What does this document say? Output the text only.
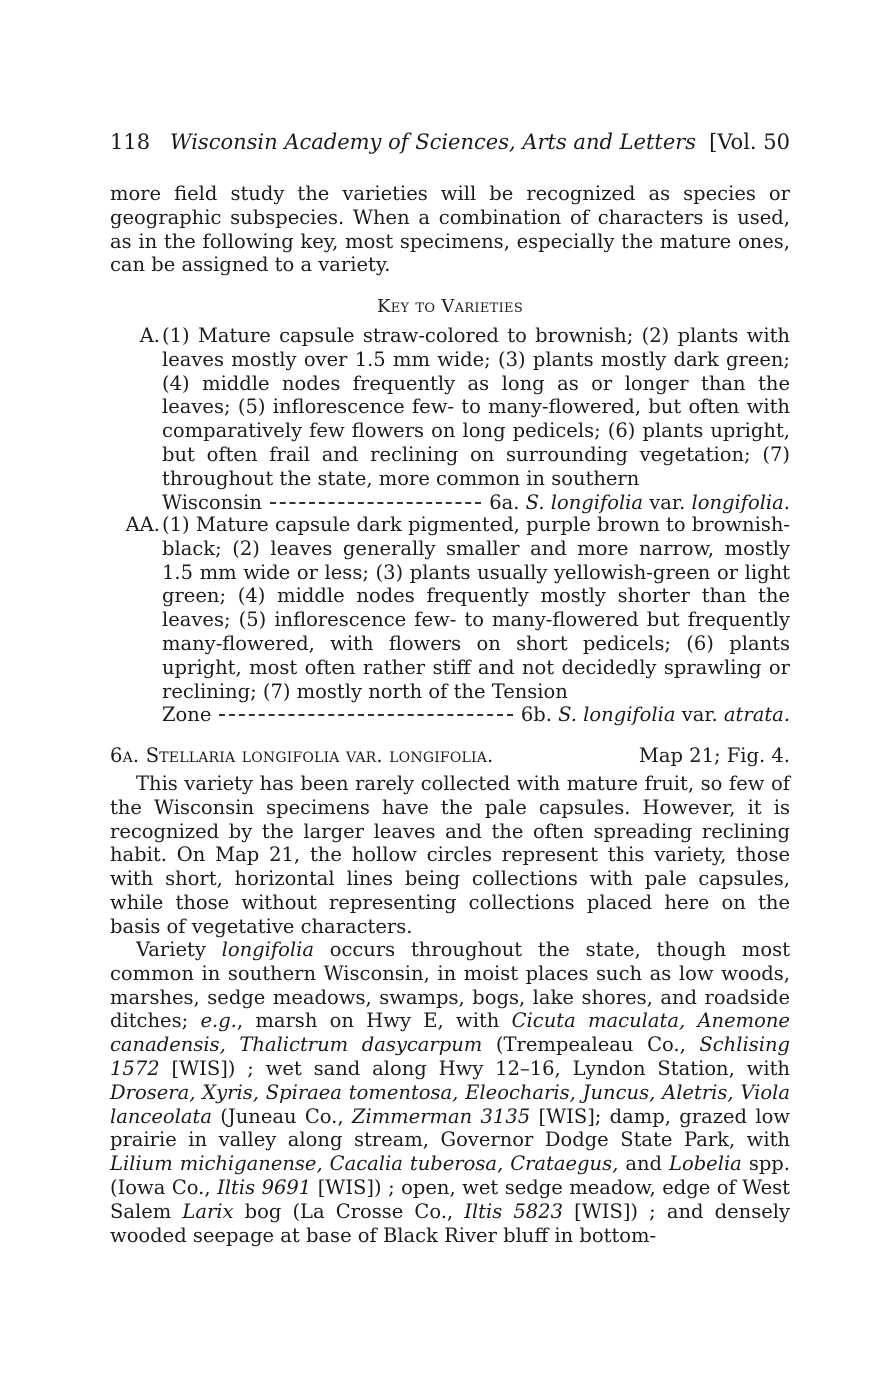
118 Wisconsin Academy of Sciences, Arts and Letters [Vol. 50
more field study the varieties will be recognized as species or geographic subspecies. When a combination of characters is used, as in the following key, most specimens, especially the mature ones, can be assigned to a variety.
Key to Varieties
A. (1) Mature capsule straw-colored to brownish; (2) plants with leaves mostly over 1.5 mm wide; (3) plants mostly dark green; (4) middle nodes frequently as long as or longer than the leaves; (5) inflorescence few- to many-flowered, but often with comparatively few flowers on long pedicels; (6) plants upright, but often frail and reclining on surrounding vegetation; (7) throughout the state, more common in southern
Wisconsin	6a. S. longifolia var. longifolia.
AA. (1) Mature capsule dark pigmented, purple brown to brownish-black; (2) leaves generally smaller and more narrow, mostly 1.5 mm wide or less; (3) plants usually yellowish-green or light green; (4) middle nodes frequently mostly shorter than the leaves; (5) inflorescence few- to many-flowered but frequently many-flowered, with flowers on short pedicels; (6) plants upright, most often rather stiff and not decidedly sprawling or reclining; (7) mostly north of the Tension
Zone	6b. S. longifolia var. atrata.
6a. Stellaria longifolia var. longifolia.	Map 21; Fig. 4.
This variety has been rarely collected with mature fruit, so few of the Wisconsin specimens have the pale capsules. However, it is recognized by the larger leaves and the often spreading reclining habit. On Map 21, the hollow circles represent this variety, those with short, horizontal lines being collections with pale capsules, while those without representing collections placed here on the basis of vegetative characters.
Variety longifolia occurs throughout the state, though most common in southern Wisconsin, in moist places such as low woods, marshes, sedge meadows, swamps, bogs, lake shores, and roadside ditches; e.g., marsh on Hwy E, with Cicuta maculata, Anemone canadensis, Thalictrum dasycarpum (Trempealeau Co., Schlising 1572 [WIS]) ; wet sand along Hwy 12–16, Lyndon Station, with Drosera, Xyris, Spiraea tomentosa, Eleocharis, Juncus, Aletris, Viola lanceolata (Juneau Co., Zimmerman 3135 [WIS]; damp, grazed low prairie in valley along stream, Governor Dodge State Park, with Lilium michiganense, Cacalia tuberosa, Crataegus, and Lobelia spp. (Iowa Co., Iltis 9691 [WIS]) ; open, wet sedge meadow, edge of West Salem Larix bog (La Crosse Co., Iltis 5823 [WIS]) ; and densely wooded seepage at base of Black River bluff in bottom-
